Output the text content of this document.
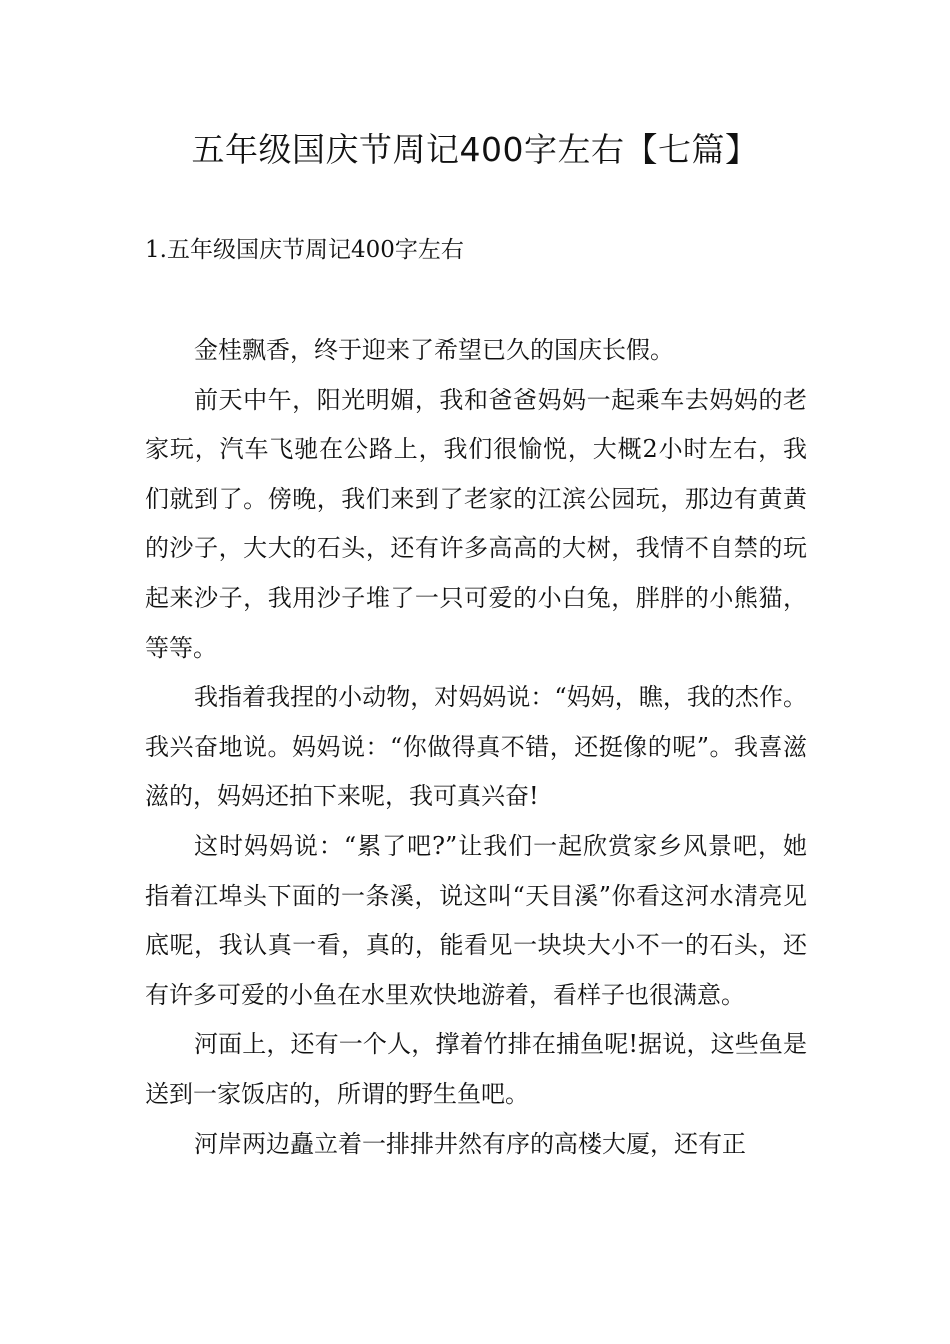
五年级国庆节周记400字左右【七篇】
1.五年级国庆节周记400字左右

金桂飘香，终于迎来了希望已久的国庆长假。

前天中午，阳光明媚，我和爸爸妈妈一起乘车去妈妈的老家玩，汽车飞驰在公路上，我们很愉悦，大概2小时左右，我们就到了。傍晚，我们来到了老家的江滨公园玩，那边有黄黄的沙子，大大的石头，还有许多高高的大树，我情不自禁的玩起来沙子，我用沙子堆了一只可爱的小白兔，胖胖的小熊猫，等等。

我指着我捏的小动物，对妈妈说：“妈妈，瞧，我的杰作。我兴奋地说。妈妈说：“你做得真不错，还挺像的呢”。我喜滋滋的，妈妈还拍下来呢，我可真兴奋!

这时妈妈说：“累了吧?”让我们一起欣赏家乡风景吧，她指着江埠头下面的一条溪，说这叫“天目溪”你看这河水清亮见底呢，我认真一看，真的，能看见一块块大小不一的石头，还有许多可爱的小鱼在水里欢快地游着，看样子也很满意。

河面上，还有一个人，撑着竹排在捕鱼呢!据说，这些鱼是送到一家饭店的，所谓的野生鱼吧。

河岸两边矗立着一排排井然有序的高楼大厦，还有正
